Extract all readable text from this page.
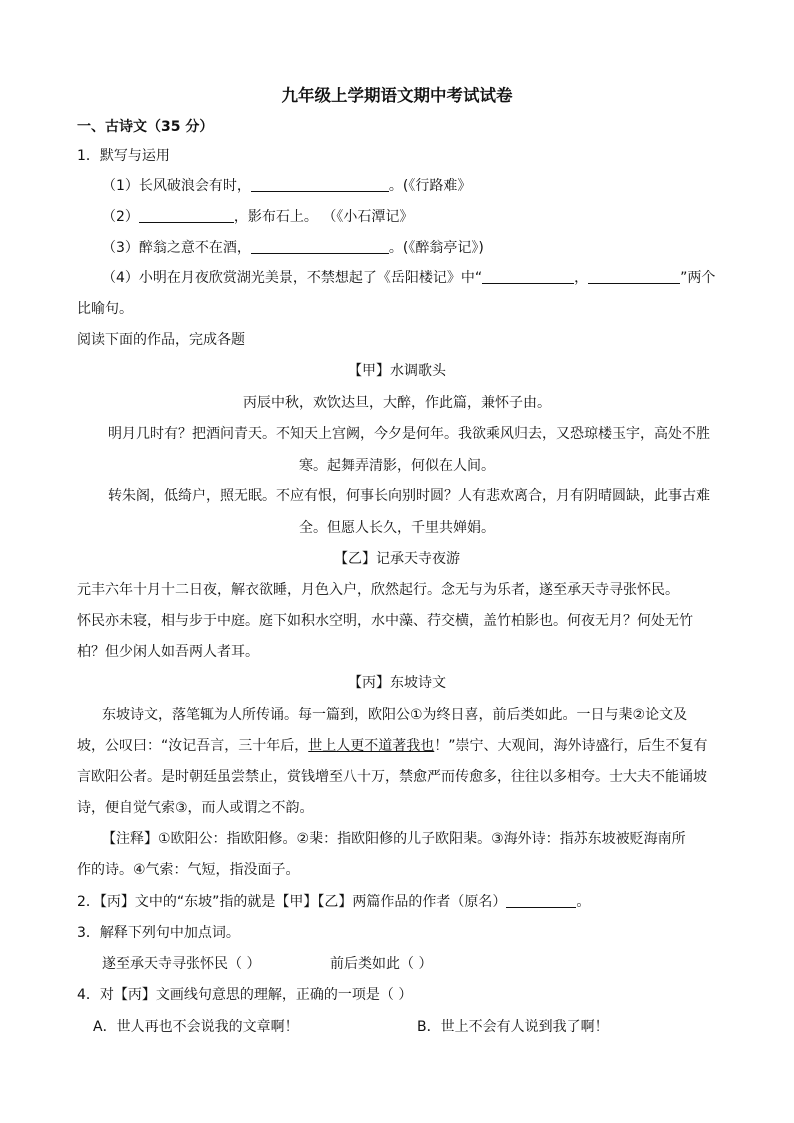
九年级上学期语文期中考试试卷
一、古诗文（35 分）
1．默写与运用
（1）长风破浪会有时，	。(《行路难》
（2）	，影布石上。 （《小石潭记》
（3）醉翁之意不在酒，	。(《醉翁亭记》)
（4）小明在月夜欣赏湖光美景，不禁想起了《岳阳楼记》中“	，	”两个
比喻句。
阅读下面的作品，完成各题
【甲】水调歌头
丙辰中秋，欢饮达旦，大醉，作此篇，兼怀子由。
明月几时有？把酒问青天。不知天上宫阙，今夕是何年。我欲乘风归去，又恐琼楼玉宇，高处不胜
寒。起舞弄清影，何似在人间。
转朱阁，低绮户，照无眠。不应有恨，何事长向别时圆？人有悲欢离合，月有阴晴圆缺，此事古难
全。但愿人长久，千里共婵娟。
【乙】记承天寺夜游
元丰六年十月十二日夜，解衣欲睡，月色入户，欣然起行。念无与为乐者，遂至承天寺寻张怀民。
怀民亦未寝，相与步于中庭。庭下如积水空明，水中藻、荇交横，盖竹柏影也。何夜无月？何处无竹
柏？但少闲人如吾两人者耳。
【丙】东坡诗文
东坡诗文，落笔辄为人所传诵。每一篇到，欧阳公①为终日喜，前后类如此。一日与棐②论文及
坡，公叹曰：“汝记吾言，三十年后，世上人更不道著我也！”崇宁、大观间，海外诗盛行，后生不复有
言欧阳公者。是时朝廷虽尝禁止，赏钱增至八十万，禁愈严而传愈多，往往以多相夸。士大夫不能诵坡
诗，便自觉气索③，而人或谓之不韵。
【注释】①欧阳公：指欧阳修。②棐：指欧阳修的儿子欧阳棐。③海外诗：指苏东坡被贬海南所
作的诗。④气索：气短，指没面子。
2．【丙】文中的“东坡”指的就是【甲】【乙】两篇作品的作者（原名）	。
3．解释下列句中加点词。
遂至承天寺寻张怀民（ ）	前后类如此（ ）
4．对【丙】文画线句意思的理解，正确的一项是（ ）
A．世人再也不会说我的文章啊！	B．世上不会有人说到我了啊！
